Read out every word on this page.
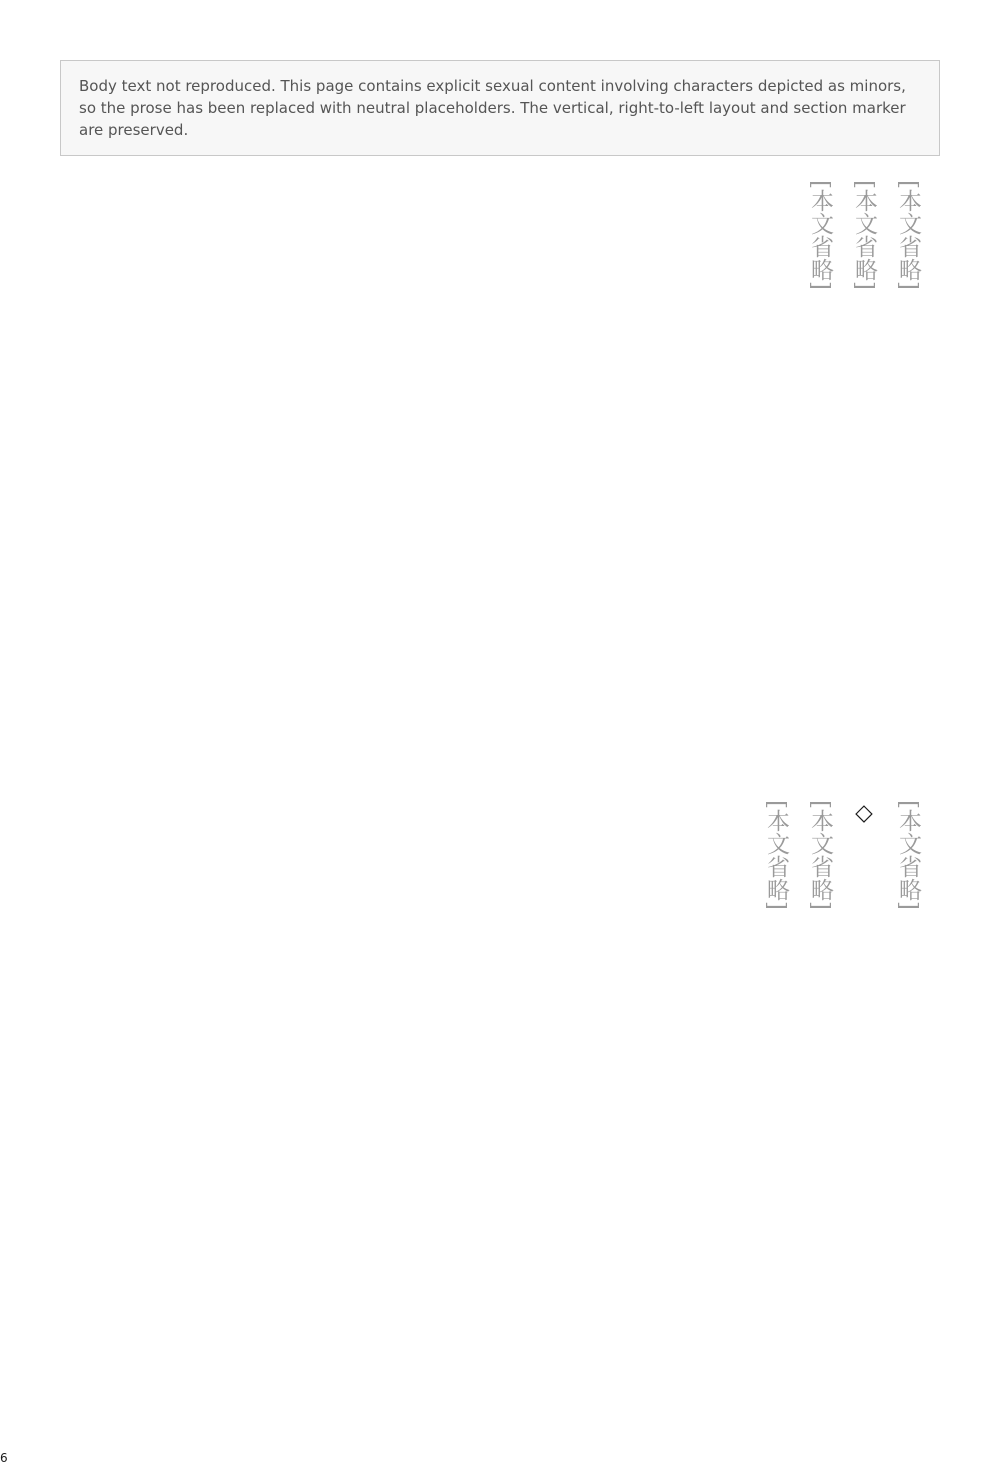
Body text not reproduced. This page contains explicit sexual content involving characters depicted as minors, so the prose has been replaced with neutral placeholders. The vertical, right-to-left layout and section marker are preserved.

[本文省略]

[本文省略]

[本文省略]

[本文省略]

◇

[本文省略]

[本文省略]

6
